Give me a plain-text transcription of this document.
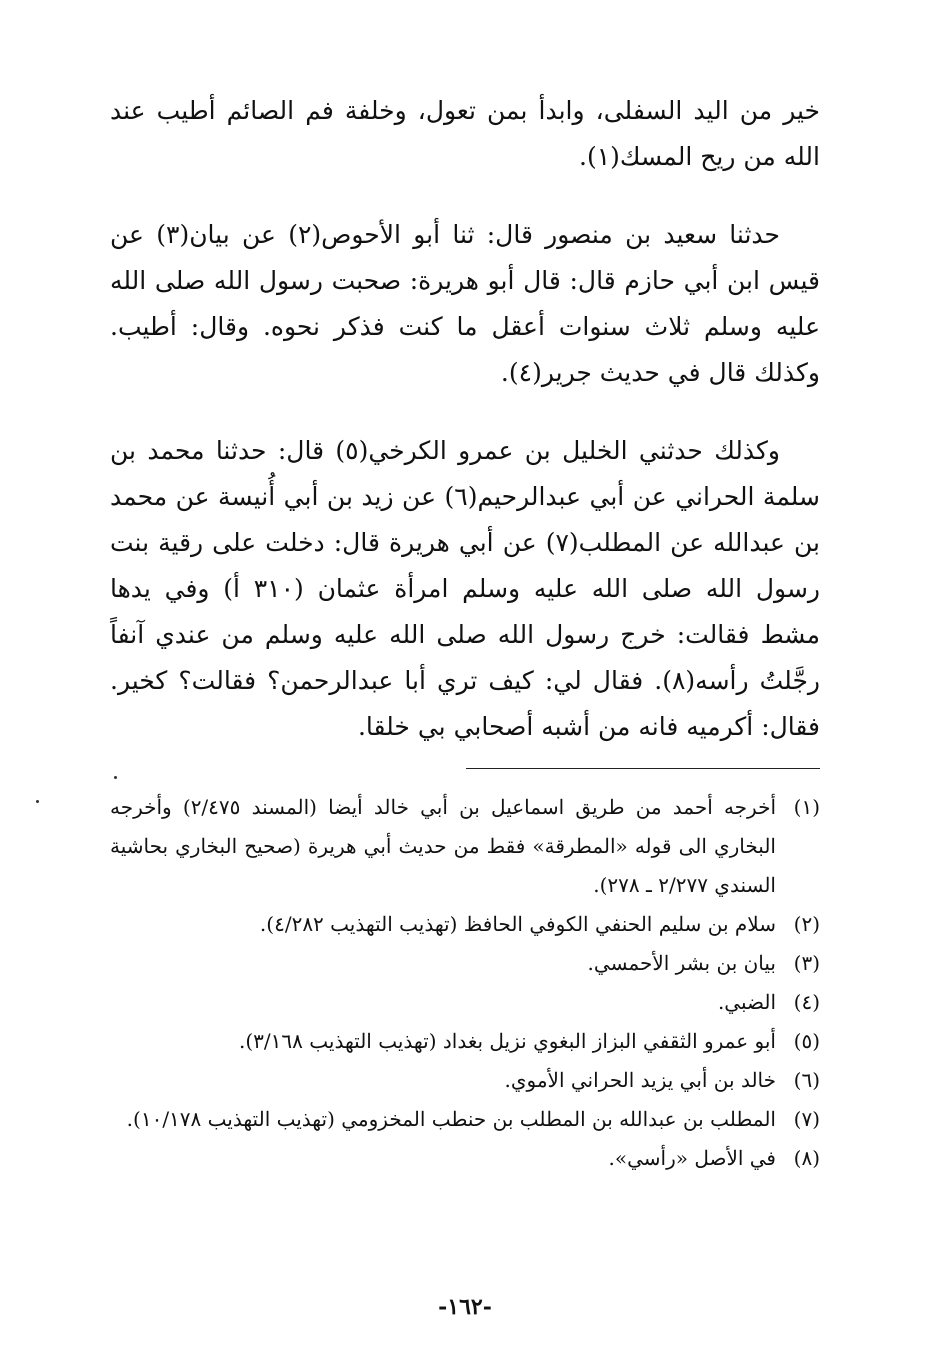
خير من اليد السفلى، وابدأ بمن تعول، وخلفة فم الصائم أطيب عند الله من ريح المسك(١).

حدثنا سعيد بن منصور قال: ثنا أبو الأحوص(٢) عن بيان(٣) عن قيس ابن أبي حازم قال: قال أبو هريرة: صحبت رسول الله صلى الله عليه وسلم ثلاث سنوات أعقل ما كنت فذكر نحوه. وقال: أطيب. وكذلك قال في حديث جرير(٤).

وكذلك حدثني الخليل بن عمرو الكرخي(٥) قال: حدثنا محمد بن سلمة الحراني عن أبي عبدالرحيم(٦) عن زيد بن أبي أُنيسة عن محمد بن عبدالله عن المطلب(٧) عن أبي هريرة قال: دخلت على رقية بنت رسول الله صلى الله عليه وسلم امرأة عثمان (٣١٠ أ) وفي يدها مشط فقالت: خرج رسول الله صلى الله عليه وسلم من عندي آنفاً رجَّلتُ رأسه(٨). فقال لي: كيف تري أبا عبدالرحمن؟ فقالت؟ كخير. فقال: أكرميه فانه من أشبه أصحابي بي خلقا.

(١)
أخرجه أحمد من طريق اسماعيل بن أبي خالد أيضا (المسند ٢/٤٧٥) وأخرجه البخاري الى قوله «المطرقة» فقط من حديث أبي هريرة (صحيح البخاري بحاشية السندي ٢/٢٧٧ ـ ٢٧٨).
(٢)
سلام بن سليم الحنفي الكوفي الحافظ (تهذيب التهذيب ٤/٢٨٢).
(٣)
بيان بن بشر الأحمسي.
(٤)
الضبي.
(٥)
أبو عمرو الثقفي البزاز البغوي نزيل بغداد (تهذيب التهذيب ٣/١٦٨).
(٦)
خالد بن أبي يزيد الحراني الأموي.
(٧)
المطلب بن عبدالله بن المطلب بن حنطب المخزومي (تهذيب التهذيب ١٠/١٧٨).
(٨)
في الأصل «رأسي».
-١٦٢-
